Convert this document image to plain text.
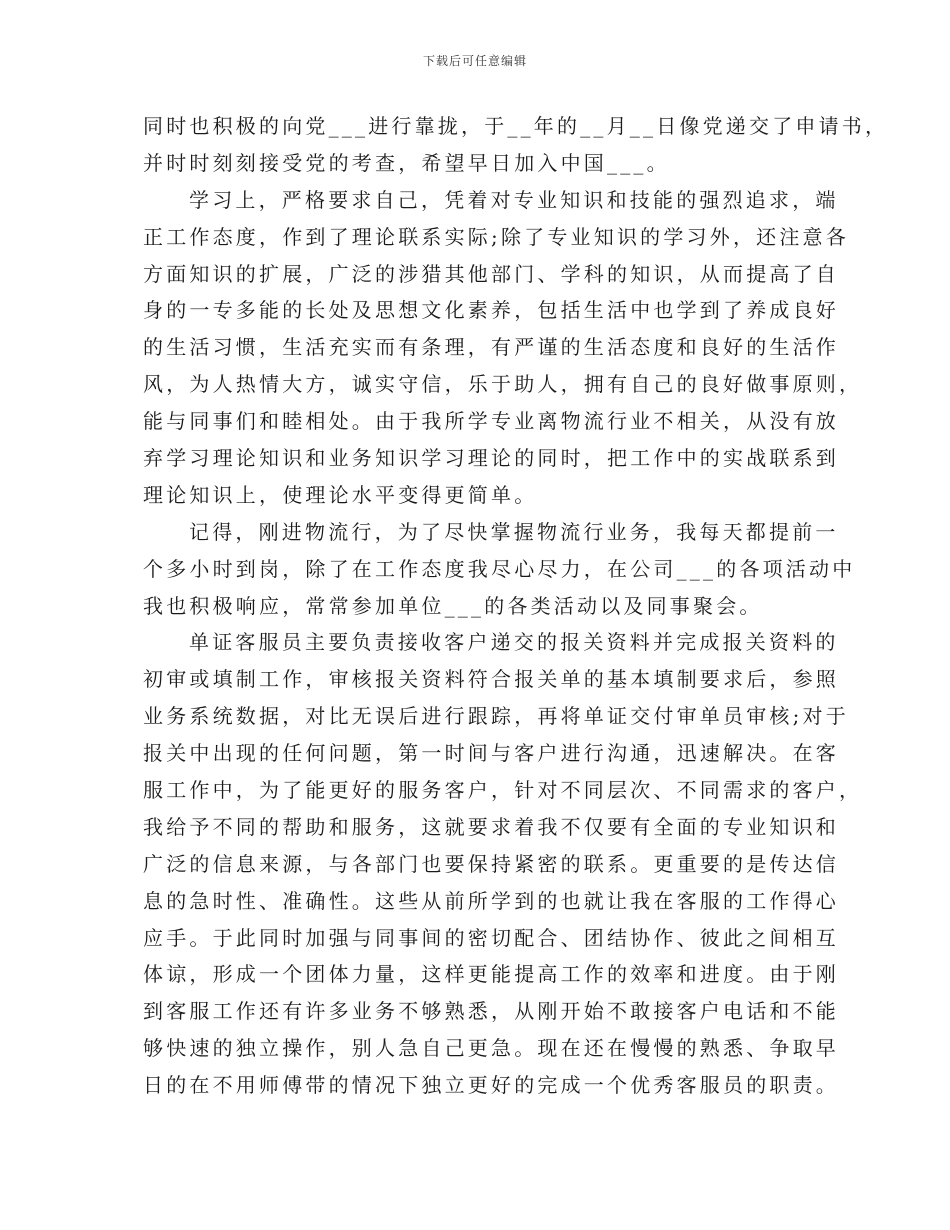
下载后可任意编辑
同时也积极的向党___进行靠拢，于__年的__月__日像党递交了申请书，
并时时刻刻接受党的考查，希望早日加入中国___。
学习上，严格要求自己，凭着对专业知识和技能的强烈追求，端
正工作态度，作到了理论联系实际;除了专业知识的学习外，还注意各
方面知识的扩展，广泛的涉猎其他部门、学科的知识，从而提高了自
身的一专多能的长处及思想文化素养，包括生活中也学到了养成良好
的生活习惯，生活充实而有条理，有严谨的生活态度和良好的生活作
风，为人热情大方，诚实守信，乐于助人，拥有自己的良好做事原则，
能与同事们和睦相处。由于我所学专业离物流行业不相关，从没有放
弃学习理论知识和业务知识学习理论的同时，把工作中的实战联系到
理论知识上，使理论水平变得更简单。
记得，刚进物流行，为了尽快掌握物流行业务，我每天都提前一
个多小时到岗，除了在工作态度我尽心尽力，在公司___的各项活动中
我也积极响应，常常参加单位___的各类活动以及同事聚会。
单证客服员主要负责接收客户递交的报关资料并完成报关资料的
初审或填制工作，审核报关资料符合报关单的基本填制要求后，参照
业务系统数据，对比无误后进行跟踪，再将单证交付审单员审核;对于
报关中出现的任何问题，第一时间与客户进行沟通，迅速解决。在客
服工作中，为了能更好的服务客户，针对不同层次、不同需求的客户，
我给予不同的帮助和服务，这就要求着我不仅要有全面的专业知识和
广泛的信息来源，与各部门也要保持紧密的联系。更重要的是传达信
息的急时性、准确性。这些从前所学到的也就让我在客服的工作得心
应手。于此同时加强与同事间的密切配合、团结协作、彼此之间相互
体谅，形成一个团体力量，这样更能提高工作的效率和进度。由于刚
到客服工作还有许多业务不够熟悉，从刚开始不敢接客户电话和不能
够快速的独立操作，别人急自己更急。现在还在慢慢的熟悉、争取早
日的在不用师傅带的情况下独立更好的完成一个优秀客服员的职责。
